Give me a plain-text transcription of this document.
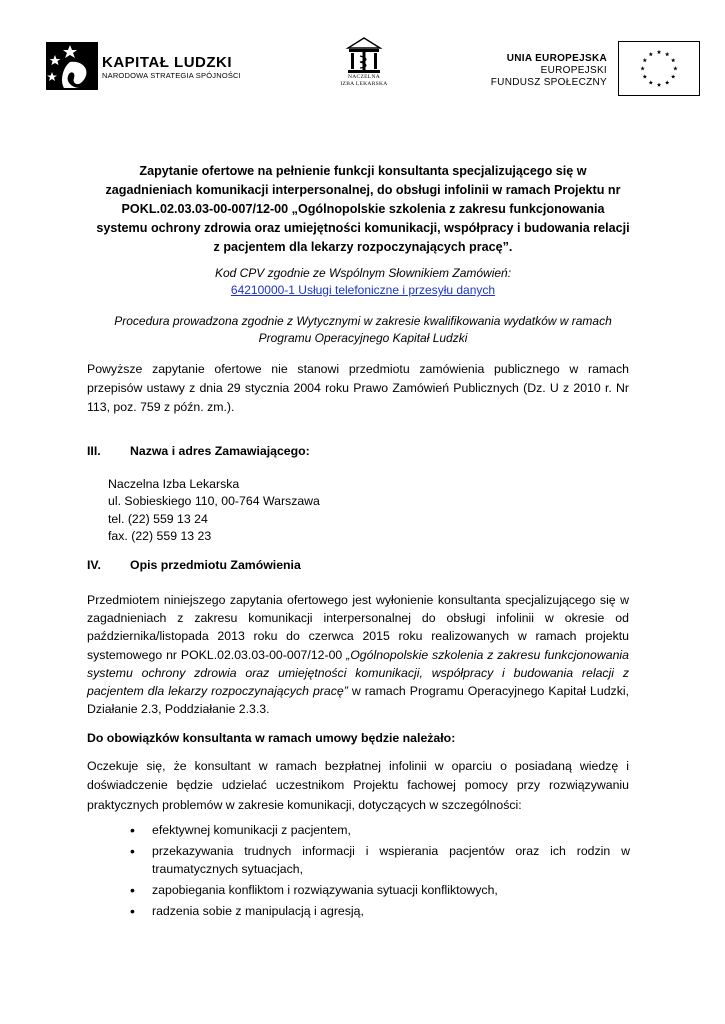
KAPITAŁ LUDZKI
NARODOWA STRATEGIA SPÓJNOŚCI	NACZELNA
IZBA LEKARSKA
UNIA EUROPEJSKA
EUROPEJSKI
FUNDUSZ SPOŁECZNY
Zapytanie ofertowe na pełnienie funkcji konsultanta specjalizującego się w zagadnieniach komunikacji interpersonalnej, do obsługi infolinii w ramach Projektu nr POKL.02.03.03-00-007/12-00 „Ogólnopolskie szkolenia z zakresu funkcjonowania systemu ochrony zdrowia oraz umiejętności komunikacji, współpracy i budowania relacji z pacjentem dla lekarzy rozpoczynających pracę”.
Kod CPV zgodnie ze Wspólnym Słownikiem Zamówień:
64210000-1 Usługi telefoniczne i przesyłu danych
Procedura prowadzona zgodnie z Wytycznymi w zakresie kwalifikowania wydatków w ramach Programu Operacyjnego Kapitał Ludzki
Powyższe zapytanie ofertowe nie stanowi przedmiotu zamówienia publicznego w ramach przepisów ustawy z dnia 29 stycznia 2004 roku Prawo Zamówień Publicznych (Dz. U z 2010 r. Nr 113, poz. 759 z późn. zm.).
III. Nazwa i adres Zamawiającego:
Naczelna Izba Lekarska
ul. Sobieskiego 110, 00-764 Warszawa
tel. (22) 559 13 24
fax. (22) 559 13 23
IV. Opis przedmiotu Zamówienia
Przedmiotem niniejszego zapytania ofertowego jest wyłonienie konsultanta specjalizującego się w zagadnieniach z zakresu komunikacji interpersonalnej do obsługi infolinii w okresie od października/listopada 2013 roku do czerwca 2015 roku realizowanych w ramach projektu systemowego nr POKL.02.03.03-00-007/12-00 „Ogólnopolskie szkolenia z zakresu funkcjonowania systemu ochrony zdrowia oraz umiejętności komunikacji, współpracy i budowania relacji z pacjentem dla lekarzy rozpoczynających pracę” w ramach Programu Operacyjnego Kapitał Ludzki, Działanie 2.3, Poddziałanie 2.3.3.
Do obowiązków konsultanta w ramach umowy będzie należało:
Oczekuje się, że konsultant w ramach bezpłatnej infolinii w oparciu o posiadaną wiedzę i doświadczenie będzie udzielać uczestnikom Projektu fachowej pomocy przy rozwiązywaniu praktycznych problemów w zakresie komunikacji, dotyczących w szczególności:
• efektywnej komunikacji z pacjentem,
• przekazywania trudnych informacji i wspierania pacjentów oraz ich rodzin w traumatycznych sytuacjach,
• zapobiegania konfliktom i rozwiązywania sytuacji konfliktowych,
• radzenia sobie z manipulacją i agresją,
